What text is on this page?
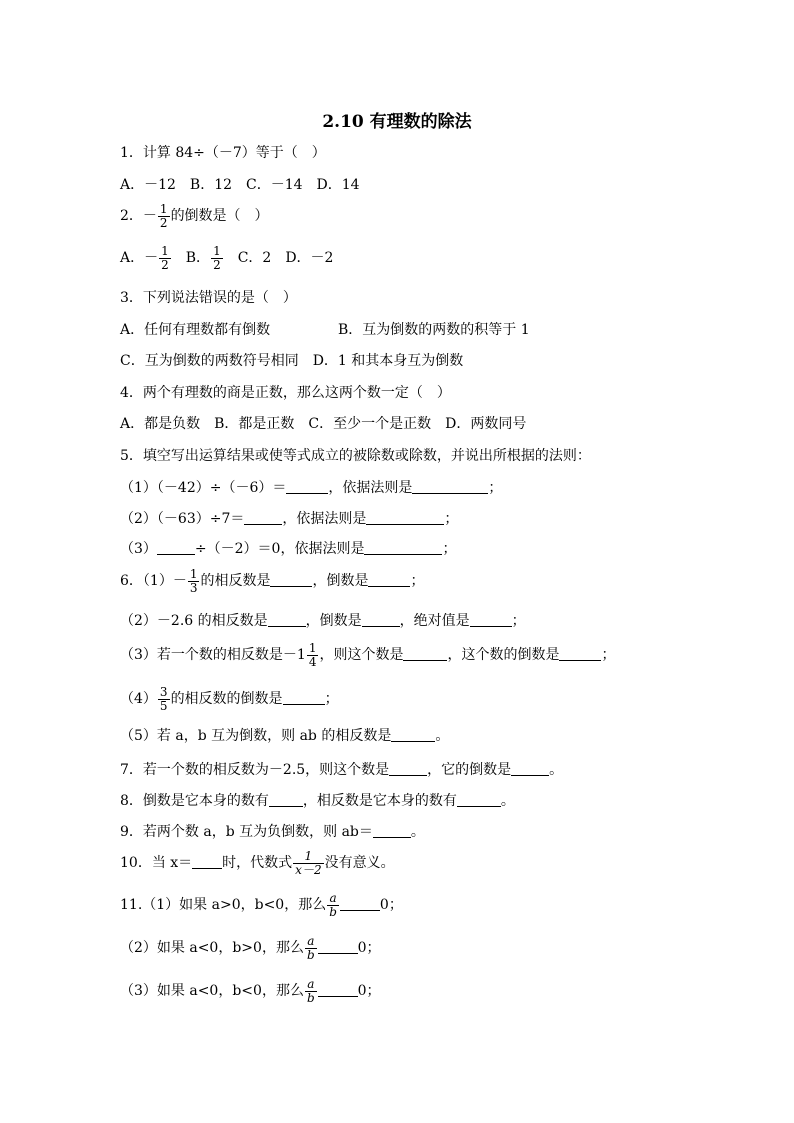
2.10 有理数的除法
1．计算 84÷（－7）等于（　）
A．－12　B．12　C．－14　D．14
2．－ $\frac{1}{2}$ 的倒数是（　）
A．－ $\frac{1}{2}$
　 B． $\frac{1}{2}$
　 C．2　D．－2
3．下列说法错误的是（　）
A．任何有理数都有倒数	B．互为倒数的两数的积等于 1
C．互为倒数的两数符号相同　D．1 和其本身互为倒数
4．两个有理数的商是正数，那么这两个数一定（　）
A．都是负数　B．都是正数　C．至少一个是正数　D．两数同号
5．填空写出运算结果或使等式成立的被除数或除数，并说出所根据的法则：
（1）（－42）÷（－6）＝	，依据法则是	；
（2）（－63）÷7＝	，依据法则是	；
（3）	÷（－2）＝0，依据法则是	；
6．$(1)- \frac{1}{3}$ 的相反数是	，倒数是	；
（2）－2.6 的相反数是	，倒数是	，绝对值是	；
（3）若一个数的相反数是$-1 \frac{1}{4}$ ，则这个数是	，这个数的倒数是	；
$(4) \frac{3}{5}$ 的相反数的倒数是	；
（5）若 a，b 互为倒数，则 ab 的相反数是	。
7．若一个数的相反数为－2.5，则这个数是	，它的倒数是	。
8．倒数是它本身的数有 ，相反数是它本身的数有	。
9．若两个数 a，b 互为负倒数，则 ab＝	。
10．当 x＝ 时，代数式 $\frac{1}{x-2}$ 没有意义。
11.（1）如果 a>0，b<0，那么 $\frac{a}{b}$	0；
（2）如果 a<0，b>0，那么 $\frac{a}{b}$	0；
（3）如果 a<0，b<0，那么 $\frac{a}{b}$	0；
